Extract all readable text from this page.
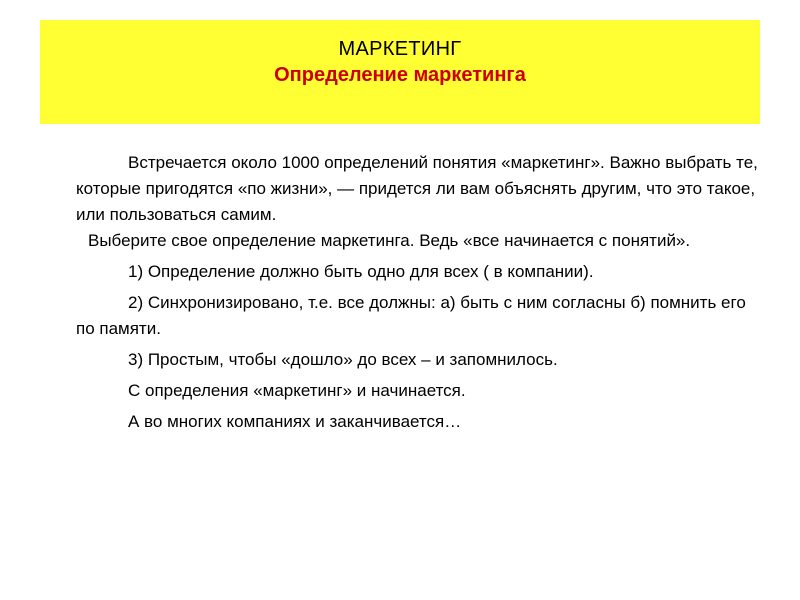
МАРКЕТИНГ
Определение маркетинга

Встречается около 1000 определений понятия «маркетинг». Важно выбрать те, которые пригодятся «по жизни», — придется ли вам объяснять другим, что это такое, или пользоваться самим.

Выберите свое определение маркетинга. Ведь «все начинается с понятий».

1) Определение должно быть одно для всех ( в компании).

2) Синхронизировано, т.е. все должны: а) быть с ним согласны б) помнить его по памяти.

3) Простым, чтобы «дошло» до всех – и запомнилось.

С определения «маркетинг» и начинается.

А во многих компаниях и заканчивается…
